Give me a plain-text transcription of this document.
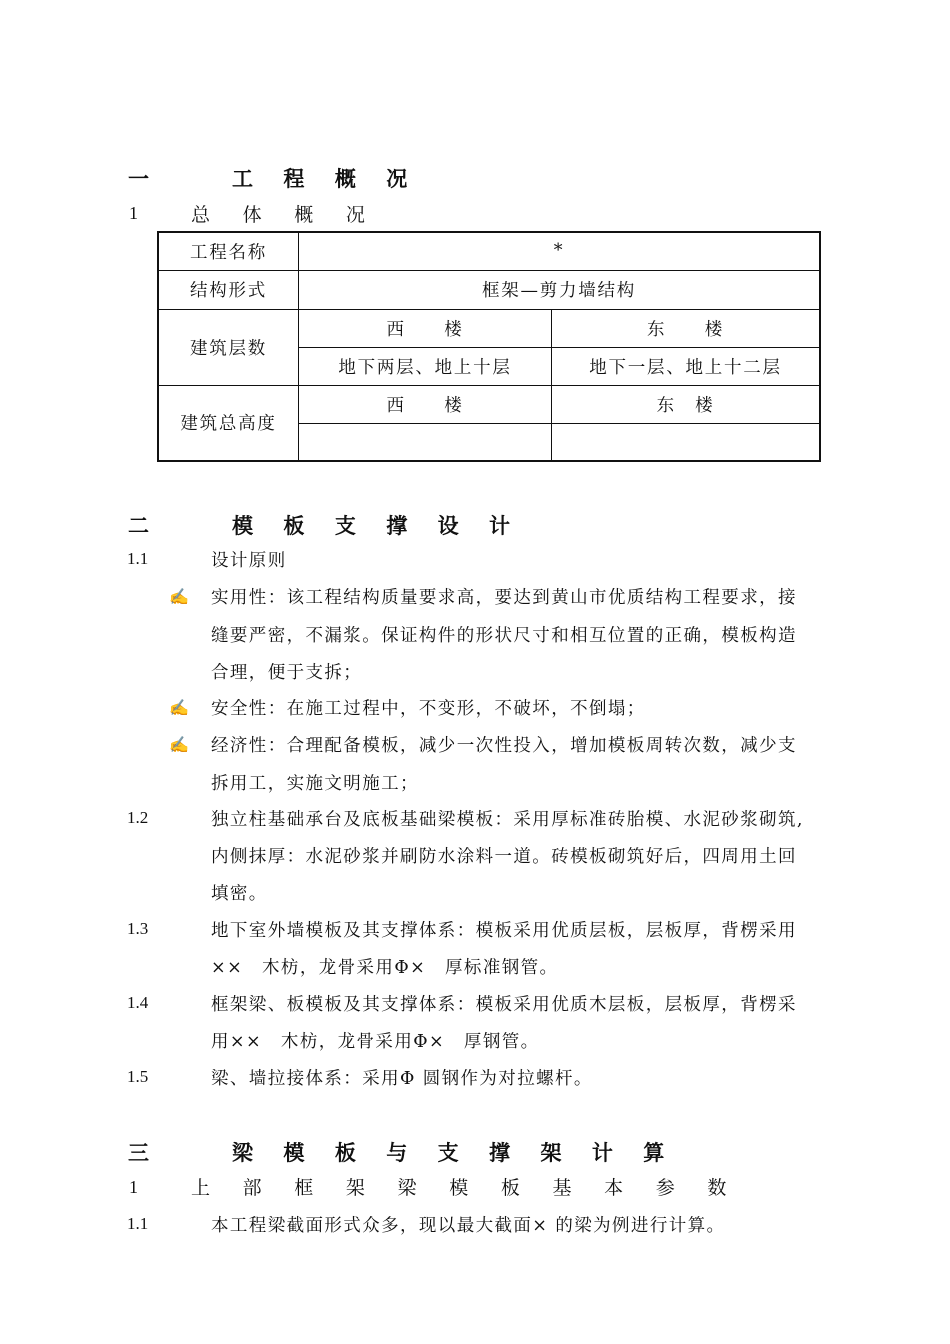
一	工 程 概 况
1	总 体 概 况
工程名称	*	
结构形式	框架—剪力墙结构	
建筑层数	西　　楼	东　　楼
	地下两层、地上十层	地下一层、地上十二层
建筑总高度	西　　楼	东　楼

二	模 板 支 撑 设 计
1.1	设计原则
✍ 实用性：该工程结构质量要求高，要达到黄山市优质结构工程要求，接
缝要严密，不漏浆。保证构件的形状尺寸和相互位置的正确，模板构造
合理，便于支拆；
✍ 安全性：在施工过程中，不变形，不破坏，不倒塌；
✍ 经济性：合理配备模板，减少一次性投入，增加模板周转次数，减少支
拆用工，实施文明施工；
1.2	独立柱基础承台及底板基础梁模板：采用厚标准砖胎模、水泥砂浆砌筑,
内侧抹厚：水泥砂浆并刷防水涂料一道。砖模板砌筑好后，四周用土回
填密。
1.3	地下室外墙模板及其支撑体系：模板采用优质层板，层板厚，背楞采用
××　木枋，龙骨采用Φ×　厚标准钢管。
1.4	框架梁、板模板及其支撑体系：模板采用优质木层板，层板厚，背楞采
用××　木枋，龙骨采用Φ×　厚钢管。
1.5	梁、墙拉接体系：采用Φ 圆钢作为对拉螺杆。
三	梁 模 板 与 支 撑 架 计 算
1	上 部 框 架 梁 模 板 基 本 参 数
1.1	本工程梁截面形式众多，现以最大截面× 的梁为例进行计算。
